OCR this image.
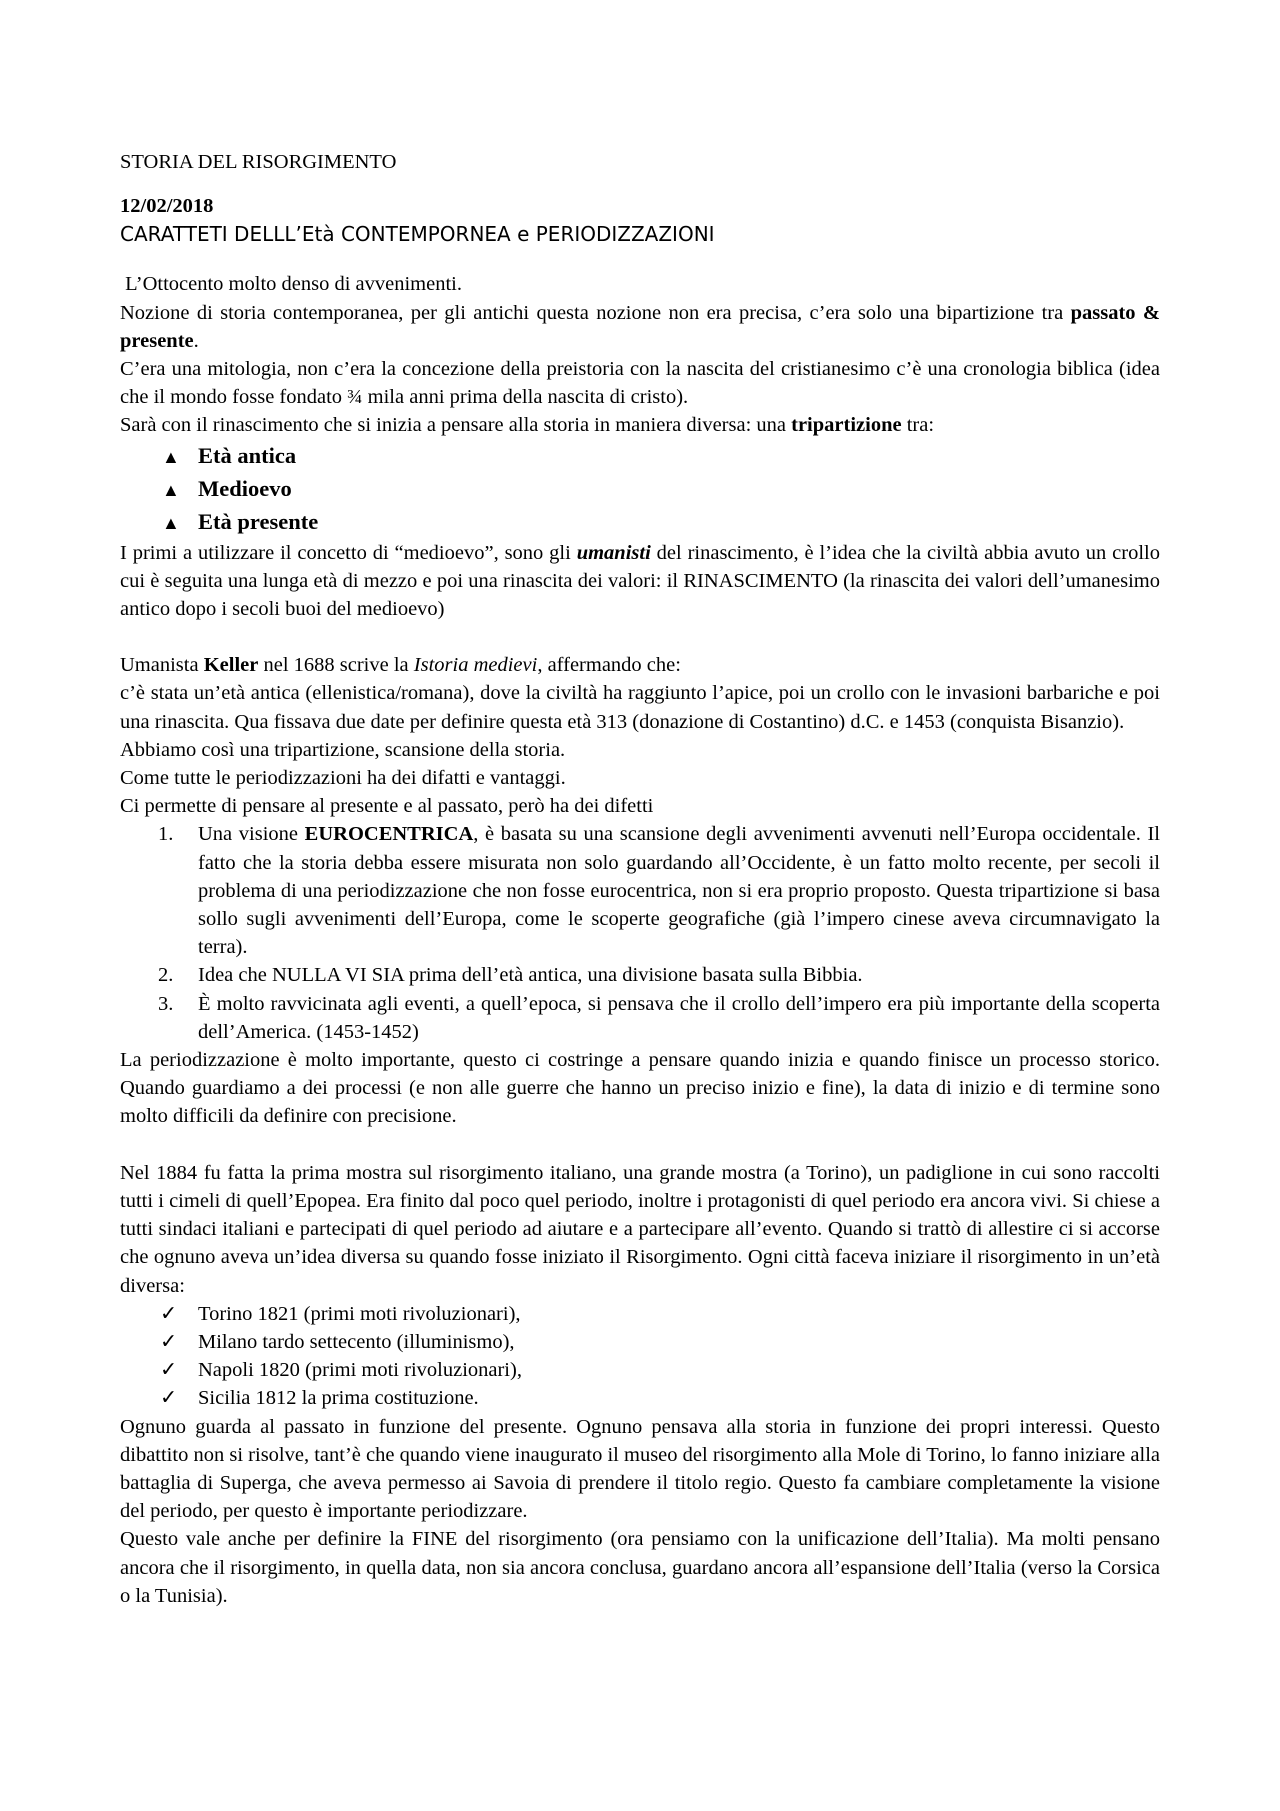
STORIA DEL RISORGIMENTO

12/02/2018

CARATTETI DELLL’Età CONTEMPORNEA e PERIODIZZAZIONI

L’Ottocento molto denso di avvenimenti.

Nozione di storia contemporanea, per gli antichi questa nozione non era precisa, c’era solo una bipartizione tra passato & presente.

C’era una mitologia, non c’era la concezione della preistoria con la nascita del cristianesimo c’è una cronologia biblica (idea che il mondo fosse fondato ¾ mila anni prima della nascita di cristo).

Sarà con il rinascimento che si inizia a pensare alla storia in maniera diversa: una tripartizione tra:

▲ Età antica
▲ Medioevo
▲ Età presente

I primi a utilizzare il concetto di “medioevo”, sono gli umanisti del rinascimento, è l’idea che la civiltà abbia avuto un crollo cui è seguita una lunga età di mezzo e poi una rinascita dei valori: il RINASCIMENTO (la rinascita dei valori dell’umanesimo antico dopo i secoli buoi del medioevo)

Umanista Keller nel 1688 scrive la Istoria medievi, affermando che:

c’è stata un’età antica (ellenistica/romana), dove la civiltà ha raggiunto l’apice, poi un crollo con le invasioni barbariche e poi una rinascita. Qua fissava due date per definire questa età 313 (donazione di Costantino) d.C. e 1453 (conquista Bisanzio).

Abbiamo così una tripartizione, scansione della storia.

Come tutte le periodizzazioni ha dei difatti e vantaggi.

Ci permette di pensare al presente e al passato, però ha dei difetti

1. Una visione EUROCENTRICA, è basata su una scansione degli avvenimenti avvenuti nell’Europa occidentale. Il fatto che la storia debba essere misurata non solo guardando all’Occidente, è un fatto molto recente, per secoli il problema di una periodizzazione che non fosse eurocentrica, non si era proprio proposto. Questa tripartizione si basa sollo sugli avvenimenti dell’Europa, come le scoperte geografiche (già l’impero cinese aveva circumnavigato la terra).
2. Idea che NULLA VI SIA prima dell’età antica, una divisione basata sulla Bibbia.
3. È molto ravvicinata agli eventi, a quell’epoca, si pensava che il crollo dell’impero era più importante della scoperta dell’America. (1453-1452)

La periodizzazione è molto importante, questo ci costringe a pensare quando inizia e quando finisce un processo storico. Quando guardiamo a dei processi (e non alle guerre che hanno un preciso inizio e fine), la data di inizio e di termine sono molto difficili da definire con precisione.

Nel 1884 fu fatta la prima mostra sul risorgimento italiano, una grande mostra (a Torino), un padiglione in cui sono raccolti tutti i cimeli di quell’Epopea. Era finito dal poco quel periodo, inoltre i protagonisti di quel periodo era ancora vivi. Si chiese a tutti sindaci italiani e partecipati di quel periodo ad aiutare e a partecipare all’evento. Quando si trattò di allestire ci si accorse che ognuno aveva un’idea diversa su quando fosse iniziato il Risorgimento. Ogni città faceva iniziare il risorgimento in un’età diversa:

✓ Torino 1821 (primi moti rivoluzionari),
✓ Milano tardo settecento (illuminismo),
✓ Napoli 1820 (primi moti rivoluzionari),
✓ Sicilia 1812 la prima costituzione.

Ognuno guarda al passato in funzione del presente. Ognuno pensava alla storia in funzione dei propri interessi. Questo dibattito non si risolve, tant’è che quando viene inaugurato il museo del risorgimento alla Mole di Torino, lo fanno iniziare alla battaglia di Superga, che aveva permesso ai Savoia di prendere il titolo regio. Questo fa cambiare completamente la visione del periodo, per questo è importante periodizzare.

Questo vale anche per definire la FINE del risorgimento (ora pensiamo con la unificazione dell’Italia). Ma molti pensano ancora che il risorgimento, in quella data, non sia ancora conclusa, guardano ancora all’espansione dell’Italia (verso la Corsica o la Tunisia).
